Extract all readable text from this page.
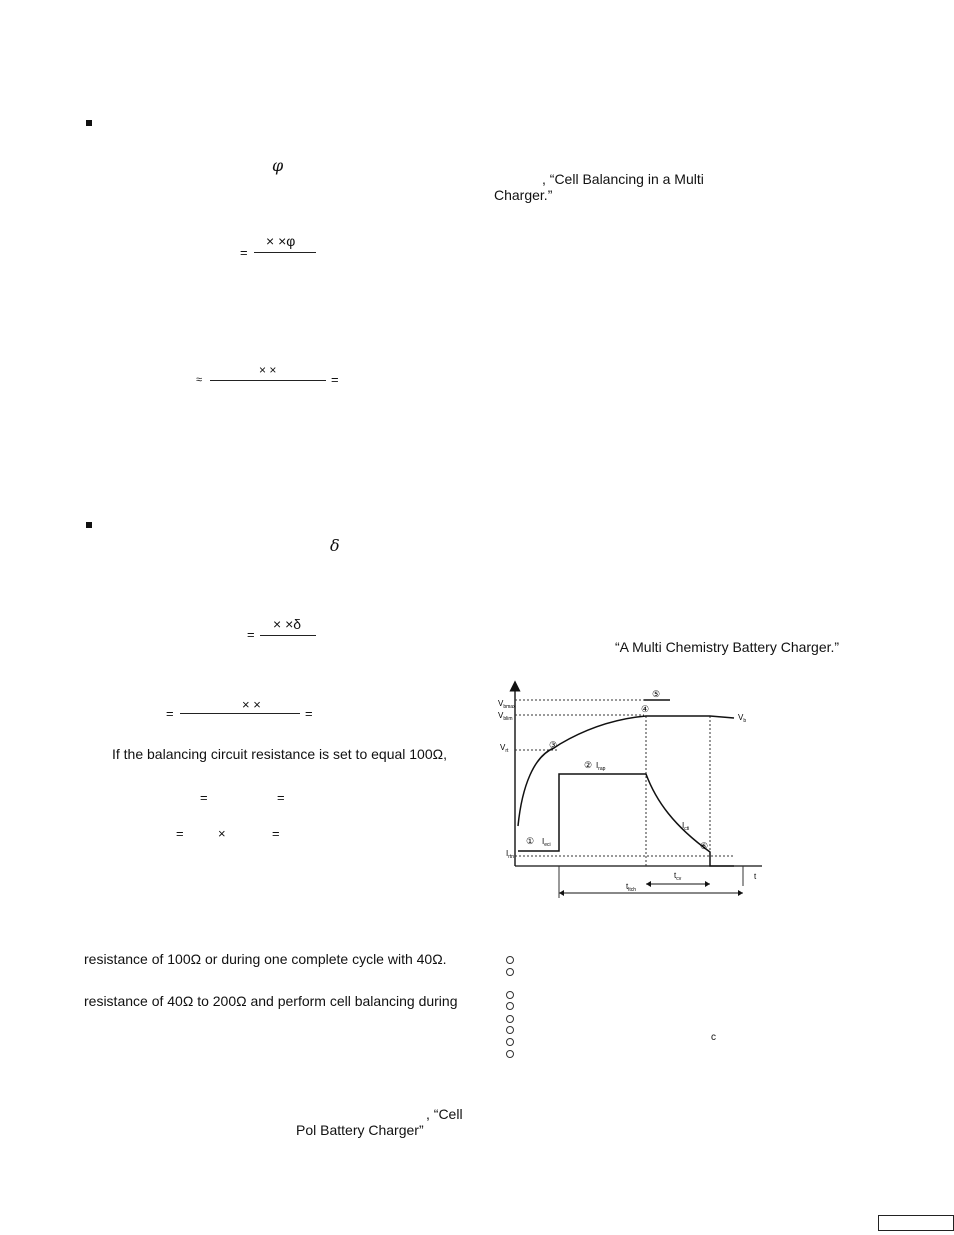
φ
× ×φ
=
× ×
≈	=
δ
× ×δ
=
× ×
=	=
If the balancing circuit resistance is set to equal 100Ω,
=	=
=	×	=
resistance of 100Ω or during one complete cycle with 40Ω.
resistance of 40Ω to 200Ω and perform cell balancing during
, “Cell
Pol Battery Charger”
, “Cell Balancing in a Multi
Charger.”
“A Multi Chemistry Battery Charger.”
$V_{bmax}$
$V_{blim}$
$V_{rt}$
$I_{rtn}$
$V_b$
$I_{eci}$
$I_{rap}$
$I_{cti}$
$t_{cv}$
$t_{ltch}$
t
①
②
③
④
⑤
⑥
c
